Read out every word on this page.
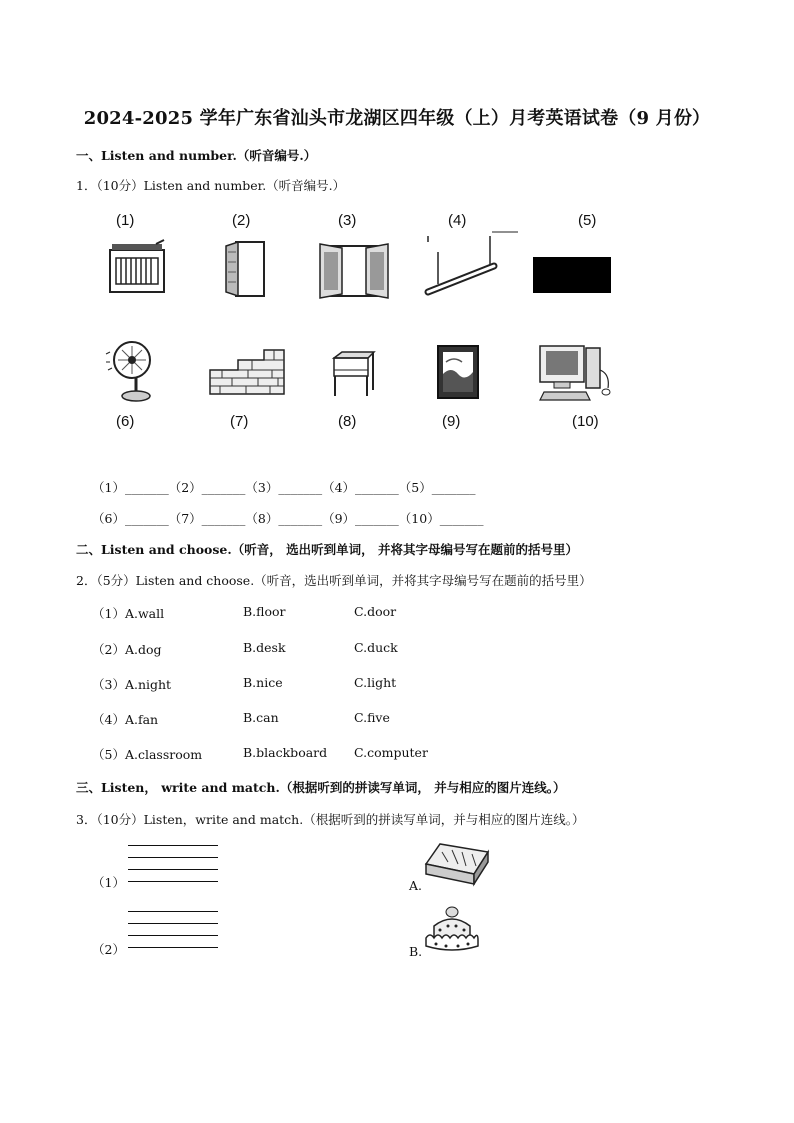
2024-2025 学年广东省汕头市龙湖区四年级（上）月考英语试卷（9 月份）
一、Listen and number.（听音编号.）
1．（10分）Listen and number.（听音编号.）
(1)	(2)	(3)	(4)	(5)
(6)	(7)	(8)	(9)	(10)
（1）_______（2）_______（3）_______（4）_______（5）_______
（6）_______（7）_______（8）_______（9）_______（10）_______
二、Listen and choose.（听音， 选出听到单词， 并将其字母编号写在题前的括号里）
2．（5分）Listen and choose.（听音，选出听到单词，并将其字母编号写在题前的括号里）
（1）A.wall	B.floor	C.door
（2）A.dog	B.desk	C.duck
（3）A.night	B.nice	C.light
（4）A.fan	B.can	C.five
（5）A.classroom	B.blackboard C.computer
三、Listen， write and match.（根据听到的拼读写单词， 并与相应的图片连线。）
3．（10分）Listen，write and match.（根据听到的拼读写单词，并与相应的图片连线。）
（1）
（2）
A.
B.
